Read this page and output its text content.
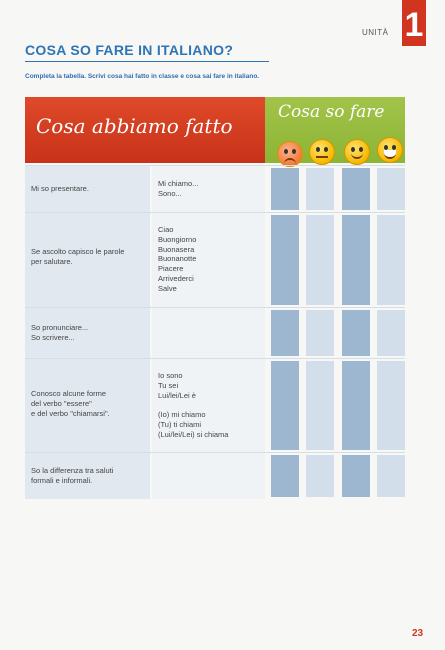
UNITÀ 1
COSA SO FARE IN ITALIANO?
Completa la tabella. Scrivi cosa hai fatto in classe e cosa sai fare in italiano.
Cosa abbiamo fatto
Cosa so fare
Mi so presentare.
Mi chiamo...
Sono...
Se ascolto capisco le parole
per salutare.
Ciao
Buongiorno
Buonasera
Buonanotte
Piacere
Arrivederci
Salve
So pronunciare...
So scrivere...
Conosco alcune forme
del verbo "essere"
e del verbo "chiamarsi".
Io sono
Tu sei
Lui/lei/Lei è
(Io) mi chiamo
(Tu) ti chiami
(Lui/lei/Lei) si chiama
So la differenza tra saluti
formali e informali.
23
